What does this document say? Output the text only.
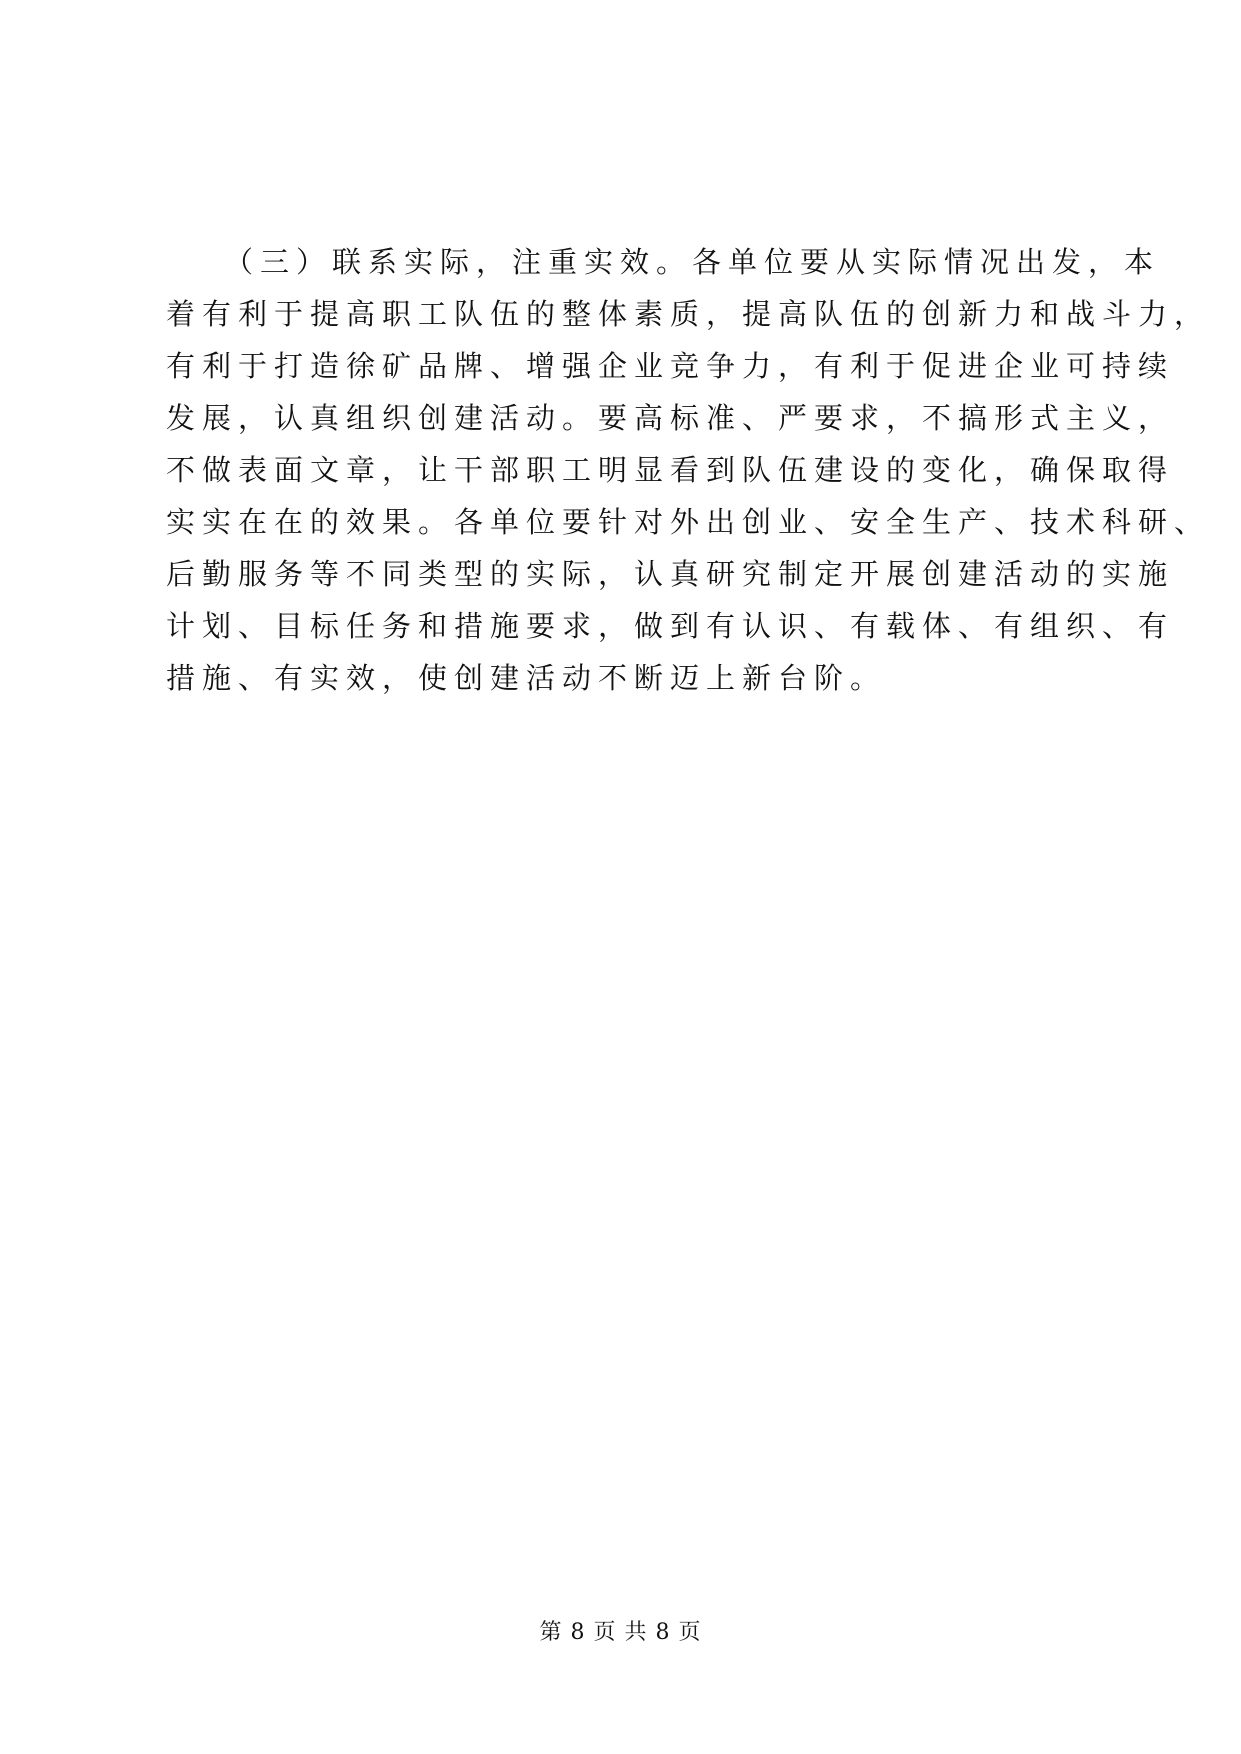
（三）联系实际，注重实效。各单位要从实际情况出发，本
着有利于提高职工队伍的整体素质，提高队伍的创新力和战斗力，
有利于打造徐矿品牌、增强企业竞争力，有利于促进企业可持续
发展，认真组织创建活动。要高标准、严要求，不搞形式主义，
不做表面文章，让干部职工明显看到队伍建设的变化，确保取得
实实在在的效果。各单位要针对外出创业、安全生产、技术科研、
后勤服务等不同类型的实际，认真研究制定开展创建活动的实施
计划、目标任务和措施要求，做到有认识、有载体、有组织、有
措施、有实效，使创建活动不断迈上新台阶。
第 8 页 共 8 页
